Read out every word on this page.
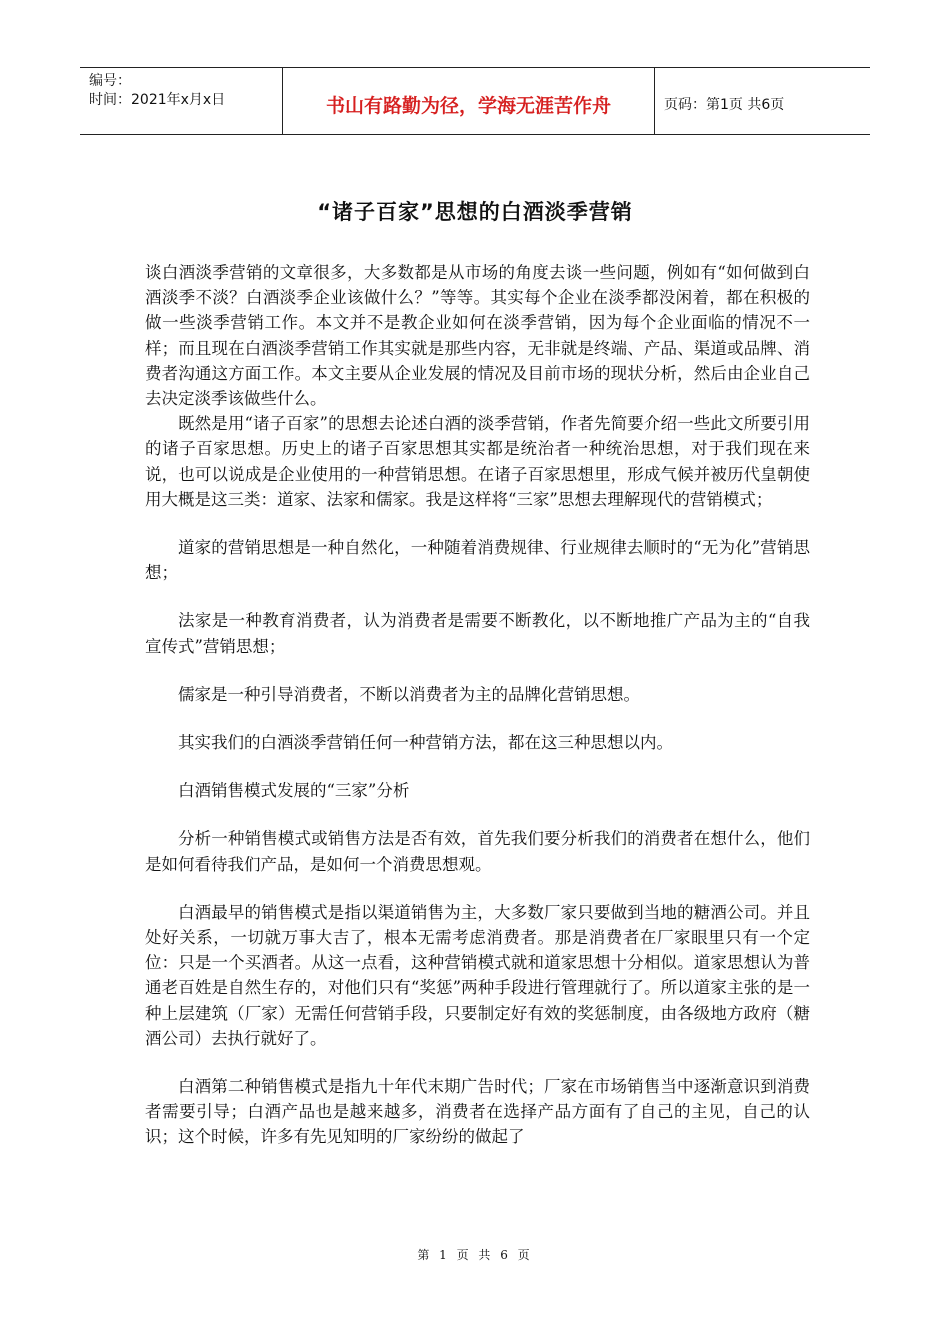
编号：
时间：2021年x月x日	书山有路勤为径，学海无涯苦作舟	页码：第1页 共6页
“诸子百家”思想的白酒淡季营销

谈白酒淡季营销的文章很多，大多数都是从市场的角度去谈一些问题，例如有“如何做到白酒淡季不淡？白酒淡季企业该做什么？”等等。其实每个企业在淡季都没闲着，都在积极的做一些淡季营销工作。本文并不是教企业如何在淡季营销，因为每个企业面临的情况不一样；而且现在白酒淡季营销工作其实就是那些内容，无非就是终端、产品、渠道或品牌、消费者沟通这方面工作。本文主要从企业发展的情况及目前市场的现状分析，然后由企业自己去决定淡季该做些什么。

既然是用“诸子百家”的思想去论述白酒的淡季营销，作者先简要介绍一些此文所要引用的诸子百家思想。历史上的诸子百家思想其实都是统治者一种统治思想，对于我们现在来说，也可以说成是企业使用的一种营销思想。在诸子百家思想里，形成气候并被历代皇朝使用大概是这三类：道家、法家和儒家。我是这样将“三家”思想去理解现代的营销模式；

道家的营销思想是一种自然化，一种随着消费规律、行业规律去顺时的“无为化”营销思想；

法家是一种教育消费者，认为消费者是需要不断教化，以不断地推广产品为主的“自我宣传式”营销思想；

儒家是一种引导消费者，不断以消费者为主的品牌化营销思想。

其实我们的白酒淡季营销任何一种营销方法，都在这三种思想以内。

白酒销售模式发展的“三家”分析

分析一种销售模式或销售方法是否有效，首先我们要分析我们的消费者在想什么，他们是如何看待我们产品，是如何一个消费思想观。

白酒最早的销售模式是指以渠道销售为主，大多数厂家只要做到当地的糖酒公司。并且处好关系，一切就万事大吉了，根本无需考虑消费者。那是消费者在厂家眼里只有一个定位：只是一个买酒者。从这一点看，这种营销模式就和道家思想十分相似。道家思想认为普通老百姓是自然生存的，对他们只有“奖惩”两种手段进行管理就行了。所以道家主张的是一种上层建筑（厂家）无需任何营销手段，只要制定好有效的奖惩制度，由各级地方政府（糖酒公司）去执行就好了。

白酒第二种销售模式是指九十年代末期广告时代；厂家在市场销售当中逐渐意识到消费者需要引导；白酒产品也是越来越多，消费者在选择产品方面有了自己的主见，自己的认识；这个时候，许多有先见知明的厂家纷纷的做起了

第 1 页 共 6 页
